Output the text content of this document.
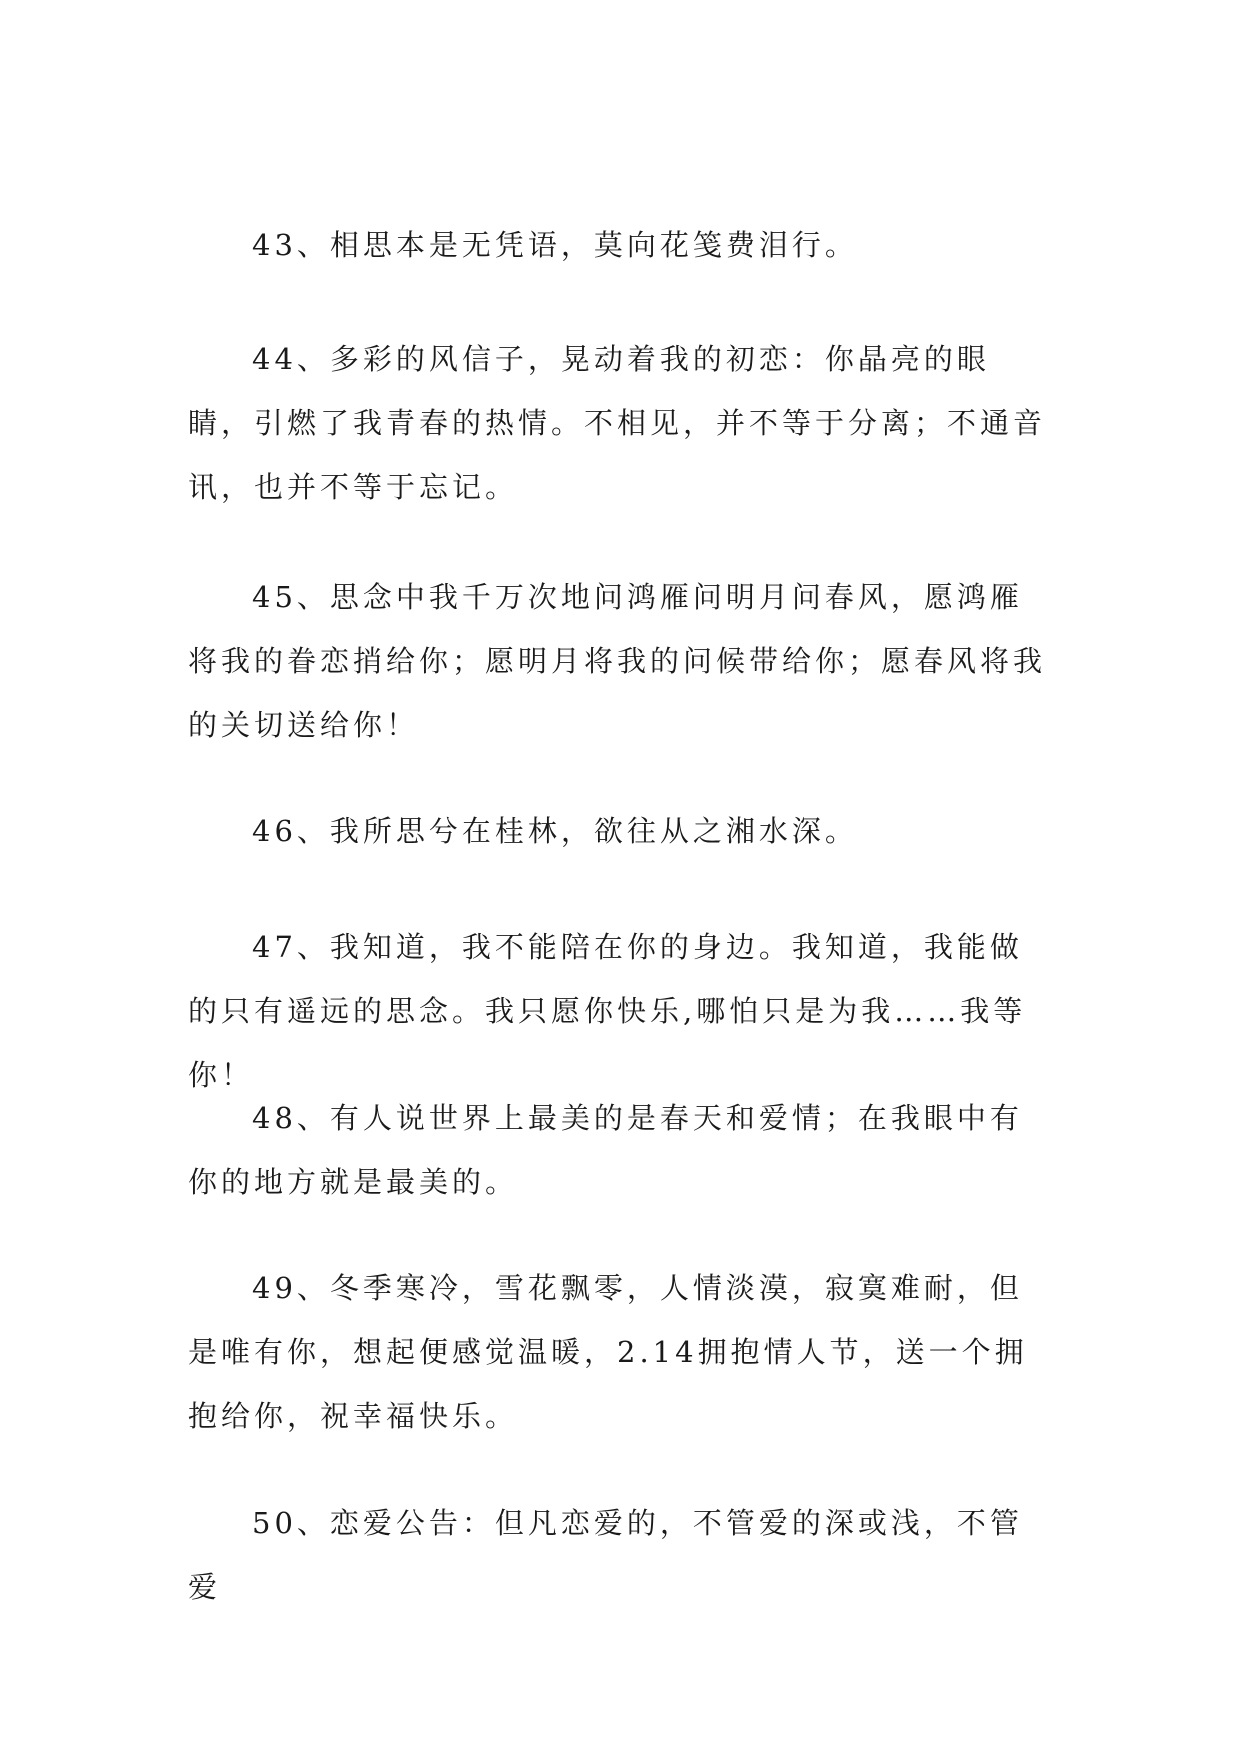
43、相思本是无凭语，莫向花笺费泪行。

44、多彩的风信子，晃动着我的初恋：你晶亮的眼睛，引燃了我青春的热情。不相见，并不等于分离；不通音讯，也并不等于忘记。

45、思念中我千万次地问鸿雁问明月问春风，愿鸿雁将我的眷恋捎给你；愿明月将我的问候带给你；愿春风将我的关切送给你！

46、我所思兮在桂林，欲往从之湘水深。

47、我知道，我不能陪在你的身边。我知道，我能做的只有遥远的思念。我只愿你快乐,哪怕只是为我……我等你！

48、有人说世界上最美的是春天和爱情；在我眼中有你的地方就是最美的。

49、冬季寒冷，雪花飘零，人情淡漠，寂寞难耐，但是唯有你，想起便感觉温暖，2.14拥抱情人节，送一个拥抱给你，祝幸福快乐。

50、恋爱公告：但凡恋爱的，不管爱的深或浅，不管爱
